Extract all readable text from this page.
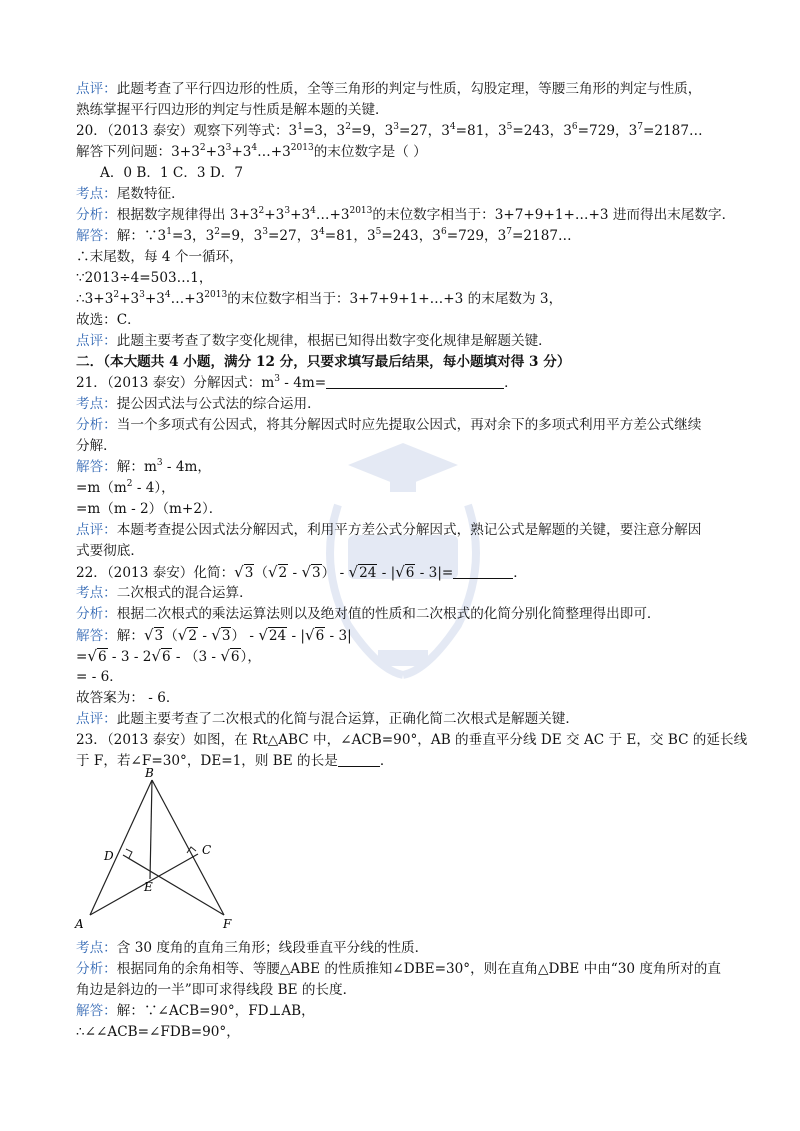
点评：此题考查了平行四边形的性质，全等三角形的判定与性质，勾股定理，等腰三角形的判定与性质，
熟练掌握平行四边形的判定与性质是解本题的关键．
20．（2013 泰安）观察下列等式：$3^1=3$，$3^2=9$，$3^3=27$，$3^4=81$，$3^5=243$，$3^6=729$，$3^7=2187\dots$
解答下列问题：$3+3^2+3^3+3^4\dots+3^{2013}$的末位数字是（ ）
A．0 B．1 C．3 D．7
考点：尾数特征．
分析：根据数字规律得出 $3+3^2+3^3+3^4\dots+3^{2013}$的末位数字相当于：3+7+9+1+…+3 进而得出末尾数字．
解答：解：$\because 3^1=3$，$3^2=9$，$3^3=27$，$3^4=81$，$3^5=243$，$3^6=729$，$3^7=2187\dots$
∴末尾数，每 4 个一循环，
∵2013÷4=503…1，
$\therefore 3+3^2+3^3+3^4\dots+3^{2013}$的末位数字相当于：3+7+9+1+…+3 的末尾数为 3，
故选：C．
点评：此题主要考查了数字变化规律，根据已知得出数字变化规律是解题关键．
二．（本大题共 4 小题，满分 12 分，只要求填写最后结果，每小题填对得 3 分）
21．（2013 泰安）分解因式：$m^3 - 4m=$	．
考点：提公因式法与公式法的综合运用．
分析：当一个多项式有公因式，将其分解因式时应先提取公因式，再对余下的多项式利用平方差公式继续
分解．
解答：解：$m^3 - 4m$，
$=m(m^2 - 4)$，
=m（m - 2）（m+2）．
点评：本题考查提公因式法分解因式，利用平方差公式分解因式，熟记公式是解题的关键，要注意分解因
式要彻底．
22．（2013 泰安）化简：√3（√2 - √3） - √24 - |√6 - 3|=	．
考点：二次根式的混合运算．
分析：根据二次根式的乘法运算法则以及绝对值的性质和二次根式的化简分别化简整理得出即可．
解答：解：√3（√2 - √3） - √24 - |√6 - 3|
=√6 - 3 - 2√6 - （3 - √6），
= - 6．
故答案为： - 6．
点评：此题主要考查了二次根式的化简与混合运算，正确化简二次根式是解题关键．
23．（2013 泰安）如图，在 Rt△ABC 中，∠ACB=90°，AB 的垂直平分线 DE 交 AC 于 E，交 BC 的延长线
于 F，若∠F=30°，DE=1，则 BE 的长是	．
B
D	C
E
A	F
考点：含 30 度角的直角三角形；线段垂直平分线的性质．
分析：根据同角的余角相等、等腰△ABE 的性质推知∠DBE=30°，则在直角△DBE 中由“30 度角所对的直
角边是斜边的一半”即可求得线段 BE 的长度．
解答：解：∵∠ACB=90°，FD⊥AB，
∴∠∠ACB=∠FDB=90°，
